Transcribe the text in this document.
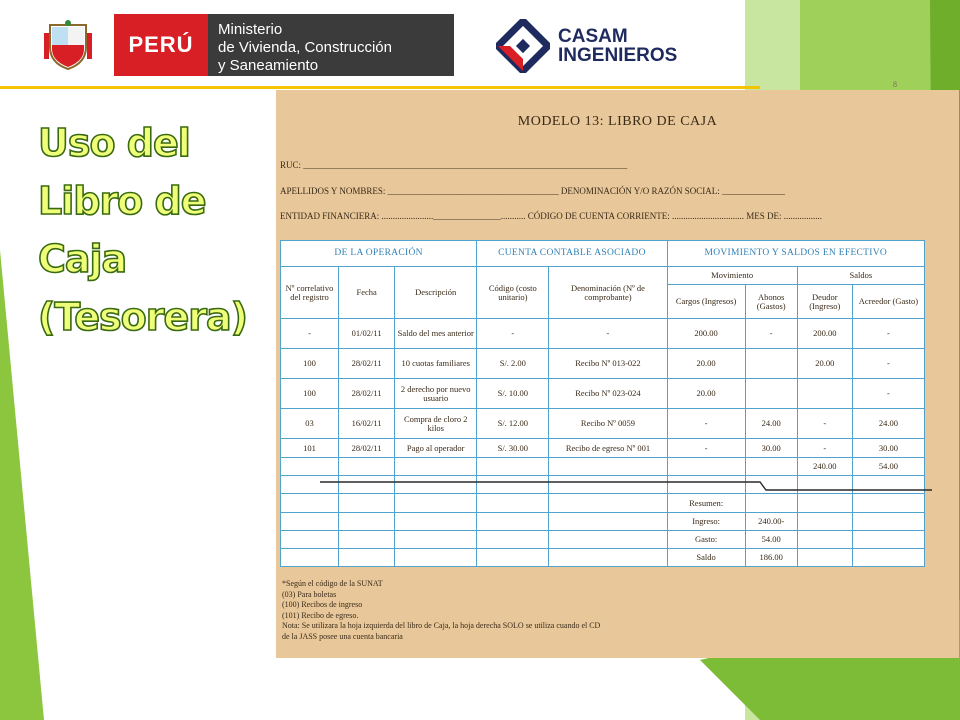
PERÚ
Ministerio
de Vivienda, Construcción
y Saneamiento
CASAM
INGENIEROS
Uso del
Libro de
Caja
(Tesorera)
8
MODELO 13: LIBRO DE CAJA
RUC: ________________________________________________________________________
APELLIDOS Y NOMBRES: ______________________________________ DENOMINACIÓN Y/O RAZÓN SOCIAL: ______________
ENTIDAD FINANCIERA: ......................._______________........... CÓDIGO DE CUENTA CORRIENTE: ................................ MES DE: .................
DE LA OPERACIÓN			CUENTA CONTABLE ASOCIADO		MOVIMIENTO Y SALDOS EN EFECTIVO			
Nº correlativo del registro	Fecha	Descripción	Código (costo unitario)	Denominación (Nº de comprobante)	Movimiento		Saldos	
					Cargos (Ingresos)	Abonos (Gastos)	Deudor (Ingreso)	Acreedor (Gasto)
-	01/02/11	Saldo del mes anterior	-	-	200.00	-	200.00	-
100	28/02/11	10 cuotas familiares	S/. 2.00	Recibo Nº 013-022	20.00		20.00	-
100	28/02/11	2 derecho por nuevo usuario	S/. 10.00	Recibo Nº 023-024	20.00			-
03	16/02/11	Compra de cloro 2 kilos	S/. 12.00	Recibo Nº 0059	-	24.00	-	24.00
101	28/02/11	Pago al operador	S/. 30.00	Recibo de egreso Nº 001	-	30.00	-	30.00
							240.00	54.00

					Resumen:			
					Ingreso:	240.00-		
					Gasto:	54.00		
					Saldo	186.00		
*Según el código de la SUNAT
(03) Para boletas
(100) Recibos de ingreso
(101) Recibo de egreso.
Nota: Se utilizara la hoja izquierda del libro de Caja, la hoja derecha SOLO se utiliza cuando el CD
de la JASS posee una cuenta bancaria
